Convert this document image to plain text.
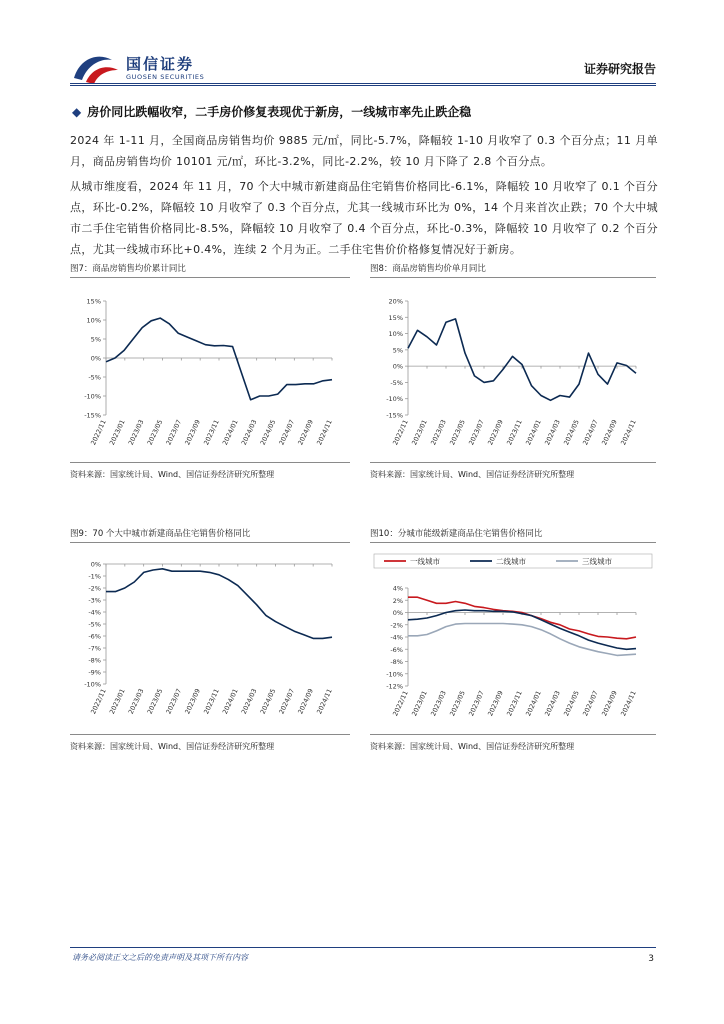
国信证券
GUOSEN SECURITIES
证券研究报告
◆ 房价同比跌幅收窄，二手房价修复表现优于新房，一线城市率先止跌企稳
2024 年 1-11 月，全国商品房销售均价 9885 元/㎡，同比-5.7%，降幅较 1-10 月收窄了 0.3 个百分点；11 月单月，商品房销售均价 10101 元/㎡，环比-3.2%，同比-2.2%，较 10 月下降了 2.8 个百分点。
从城市维度看，2024 年 11 月，70 个大中城市新建商品住宅销售价格同比-6.1%，降幅较 10 月收窄了 0.1 个百分点，环比-0.2%，降幅较 10 月收窄了 0.3 个百分点，尤其一线城市环比为 0%，14 个月来首次止跌；70 个大中城市二手住宅销售价格同比-8.5%，降幅较 10 月收窄了 0.4 个百分点，环比-0.3%，降幅较 10 月收窄了 0.2 个百分点，尤其一线城市环比+0.4%，连续 2 个月为正。二手住宅售价价格修复情况好于新房。
图7：商品房销售均价累计同比	图8：商品房销售均价单月同比
15%
10%
5%
0%
-5%
-10%
-15%
2022/11 2023/01 2023/03 2023/05 2023/07 2023/09 2023/11 2024/01 2024/03 2024/05 2024/07 2024/09 2024/11
20%
15%
10%
5%
0%
-5%
-10%
-15%
2022/11 2023/01 2023/03 2023/05 2023/07 2023/09 2023/11 2024/01 2024/03 2024/05 2024/07 2024/09 2024/11
资料来源：国家统计局、Wind、国信证券经济研究所整理	资料来源：国家统计局、Wind、国信证券经济研究所整理
图9：70 个大中城市新建商品住宅销售价格同比	图10：分城市能级新建商品住宅销售价格同比
0%
-1%
-2%
-3%
-4%
-5%
-6%
-7%
-8%
-9%
-10%
2022/11 2023/01 2023/03 2023/05 2023/07 2023/09 2023/11 2024/01 2024/03 2024/05 2024/07 2024/09 2024/11
4%
2%
0%
-2%
-4%
-6%
-8%
-10%
-12%
2022/11 2023/01 2023/03 2023/05 2023/07 2023/09 2023/11 2024/01 2024/03 2024/05 2024/07 2024/09 2024/11
一线城市	二线城市	三线城市
资料来源：国家统计局、Wind、国信证券经济研究所整理	资料来源：国家统计局、Wind、国信证券经济研究所整理
请务必阅读正文之后的免责声明及其项下所有内容	3
